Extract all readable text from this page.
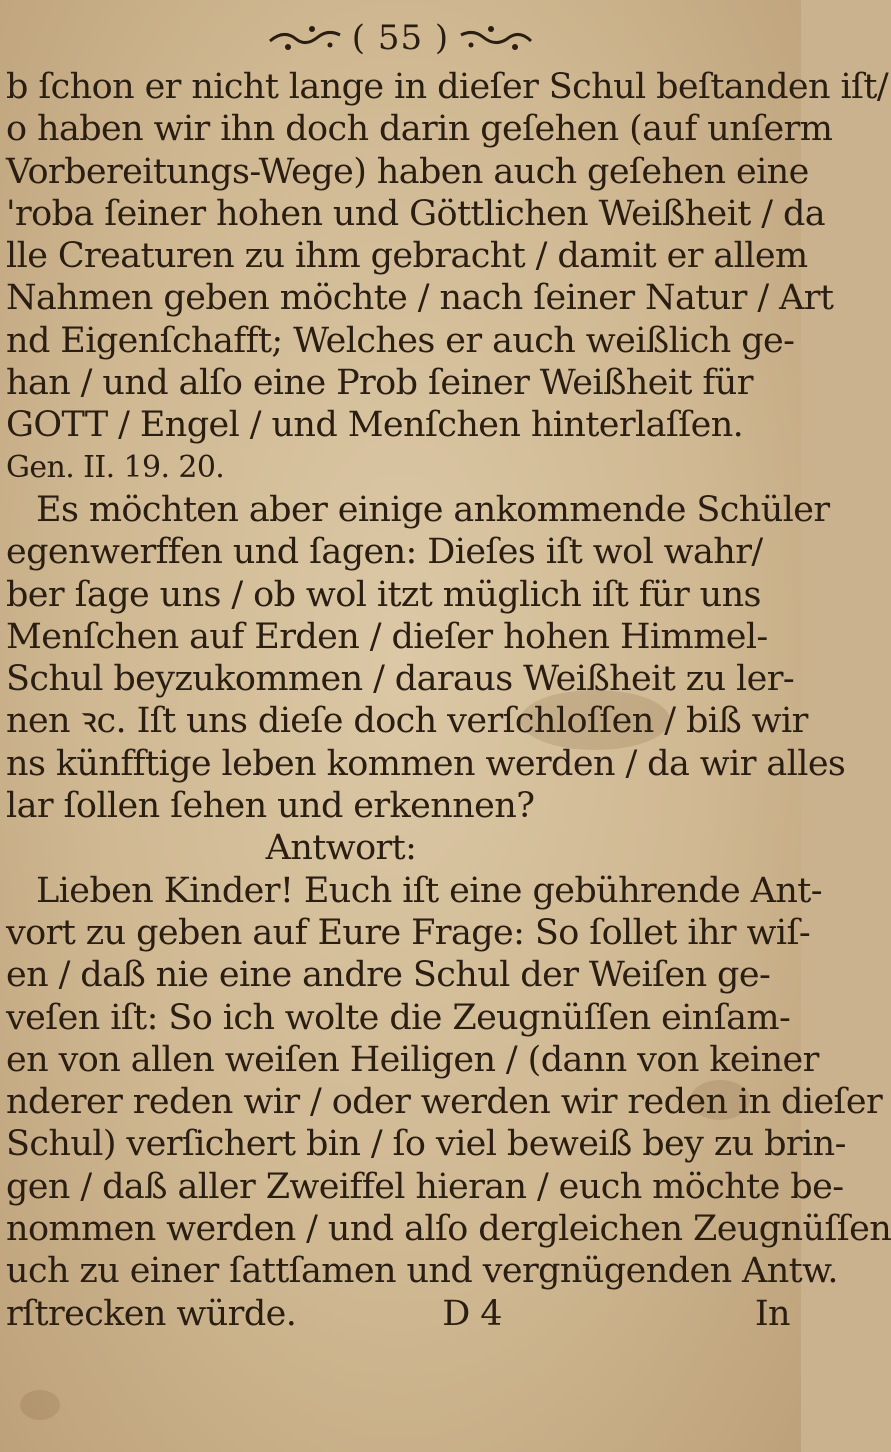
( 55 )
b ſchon er nicht lange in dieſer Schul beſtanden iſt/
o haben wir ihn doch darin geſehen (auf unſerm
Vorbereitungs-Wege) haben auch geſehen eine
'roba ſeiner hohen und Göttlichen Weißheit / da
lle Creaturen zu ihm gebracht / damit er allem
Nahmen geben möchte / nach ſeiner Natur / Art
nd Eigenſchafft; Welches er auch weißlich ge-
han / und alſo eine Prob ſeiner Weißheit für
GOTT / Engel / und Menſchen hinterlaſſen.
Gen. II. 19. 20.
Es möchten aber einige ankommende Schüler
egenwerffen und ſagen: Dieſes iſt wol wahr/
ber ſage uns / ob wol itzt müglich iſt für uns
Menſchen auf Erden / dieſer hohen Himmel-
Schul beyzukommen / daraus Weißheit zu ler-
nen ꝛc. Iſt uns dieſe doch verſchloſſen / biß wir
ns künfftige leben kommen werden / da wir alles
lar ſollen ſehen und erkennen?
Antwort:
Lieben Kinder! Euch iſt eine gebührende Ant-
vort zu geben auf Eure Frage: So ſollet ihr wiſ-
en / daß nie eine andre Schul der Weiſen ge-
veſen iſt: So ich wolte die Zeugnüſſen einſam-
en von allen weiſen Heiligen / (dann von keiner
nderer reden wir / oder werden wir reden in dieſer
Schul) verſichert bin / ſo viel beweiß bey zu brin-
gen / daß aller Zweiffel hieran / euch möchte be-
nommen werden / und alſo dergleichen Zeugnüſſen
uch zu einer ſattſamen und vergnügenden Antw.
rſtrecken würde.	D 4	In
